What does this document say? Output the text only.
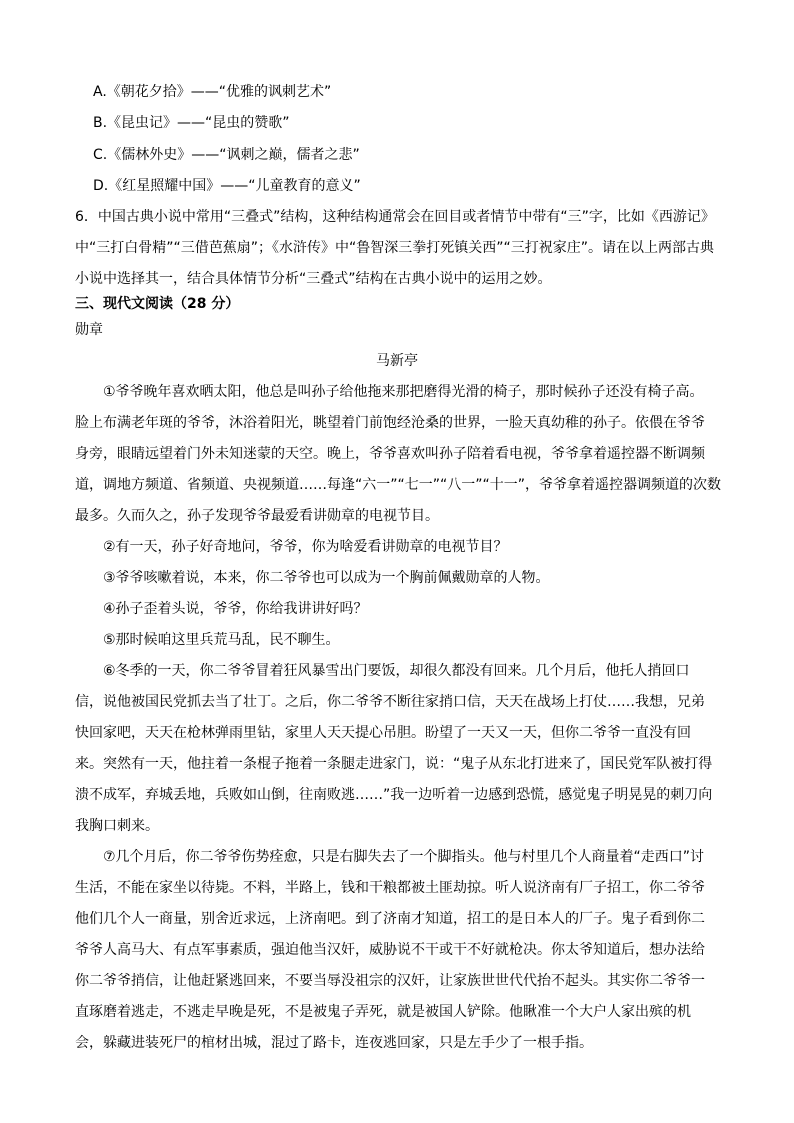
A.《朝花夕拾》——“优雅的讽刺艺术”

B.《昆虫记》——“昆虫的赞歌”

C.《儒林外史》——“讽刺之巅，儒者之悲”

D.《红星照耀中国》——“儿童教育的意义”

6．中国古典小说中常用“三叠式”结构，这种结构通常会在回目或者情节中带有“三”字，比如《西游记》

中“三打白骨精”“三借芭蕉扇”；《水浒传》中“鲁智深三拳打死镇关西”“三打祝家庄”。请在以上两部古典

小说中选择其一，结合具体情节分析“三叠式”结构在古典小说中的运用之妙。

三、现代文阅读（28 分）

勋章

马新亭

①爷爷晚年喜欢晒太阳，他总是叫孙子给他拖来那把磨得光滑的椅子，那时候孙子还没有椅子高。

脸上布满老年斑的爷爷，沐浴着阳光，眺望着门前饱经沧桑的世界，一脸天真幼稚的孙子。依偎在爷爷

身旁，眼睛远望着门外未知迷蒙的天空。晚上，爷爷喜欢叫孙子陪着看电视，爷爷拿着遥控器不断调频

道，调地方频道、省频道、央视频道……每逢“六一”“七一”“八一”“十一”，爷爷拿着遥控器调频道的次数

最多。久而久之，孙子发现爷爷最爱看讲勋章的电视节目。

②有一天，孙子好奇地问，爷爷，你为啥爱看讲勋章的电视节目？

③爷爷咳嗽着说，本来，你二爷爷也可以成为一个胸前佩戴勋章的人物。

④孙子歪着头说，爷爷，你给我讲讲好吗？

⑤那时候咱这里兵荒马乱，民不聊生。

⑥冬季的一天，你二爷爷冒着狂风暴雪出门要饭，却很久都没有回来。几个月后，他托人捎回口

信，说他被国民党抓去当了壮丁。之后，你二爷爷不断往家捎口信，天天在战场上打仗……我想，兄弟

快回家吧，天天在枪林弹雨里钻，家里人天天提心吊胆。盼望了一天又一天，但你二爷爷一直没有回

来。突然有一天，他拄着一条棍子拖着一条腿走进家门，说：“鬼子从东北打进来了，国民党军队被打得

溃不成军，弃城丢地，兵败如山倒，往南败逃……”我一边听着一边感到恐慌，感觉鬼子明晃晃的刺刀向

我胸口刺来。

⑦几个月后，你二爷爷伤势痊愈，只是右脚失去了一个脚指头。他与村里几个人商量着“走西口”讨

生活，不能在家坐以待毙。不料，半路上，钱和干粮都被土匪劫掠。听人说济南有厂子招工，你二爷爷

他们几个人一商量，别舍近求远，上济南吧。到了济南才知道，招工的是日本人的厂子。鬼子看到你二

爷爷人高马大、有点军事素质，强迫他当汉奸，威胁说不干或干不好就枪决。你太爷知道后，想办法给

你二爷爷捎信，让他赶紧逃回来，不要当辱没祖宗的汉奸，让家族世世代代抬不起头。其实你二爷爷一

直琢磨着逃走，不逃走早晚是死，不是被鬼子弄死，就是被国人铲除。他瞅准一个大户人家出殡的机

会，躲藏进装死尸的棺材出城，混过了路卡，连夜逃回家，只是左手少了一根手指。
